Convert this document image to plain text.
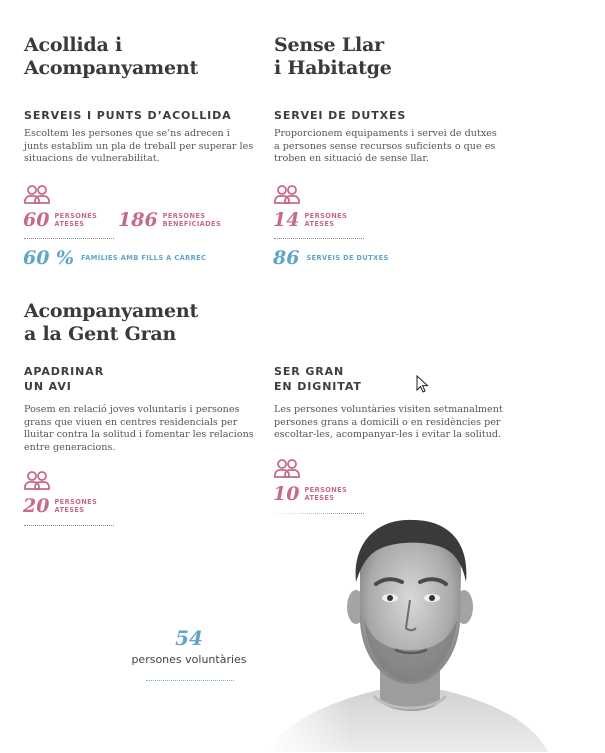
Acollida i
Acompanyament
SERVEIS I PUNTS D’ACOLLIDA
Escoltem les persones que se’ns adrecen i
junts establim un pla de treball per superar les
situacions de vulnerabilitat.
60 PERSONES
ATESES	186 PERSONES
BENEFICIADES
60 % FAMÍLIES AMB FILLS A CÀRREC
Sense Llar
i Habitatge
SERVEI DE DUTXES
Proporcionem equipaments i servei de dutxes
a persones sense recursos suficients o que es
troben en situació de sense llar.
14 PERSONES
ATESES
86 SERVEIS DE DUTXES
Acompanyament
a la Gent Gran
APADRINAR
UN AVI
Posem en relació joves voluntaris i persones
grans que viuen en centres residencials per
lluitar contra la solitud i fomentar les relacions
entre generacions.
20 PERSONES
ATESES
SER GRAN
EN DIGNITAT
Les persones voluntàries visiten setmanalment
persones grans a domicili o en residències per
escoltar-les, acompanyar-les i evitar la solitud.
10 PERSONES
ATESES
54
persones voluntàries
